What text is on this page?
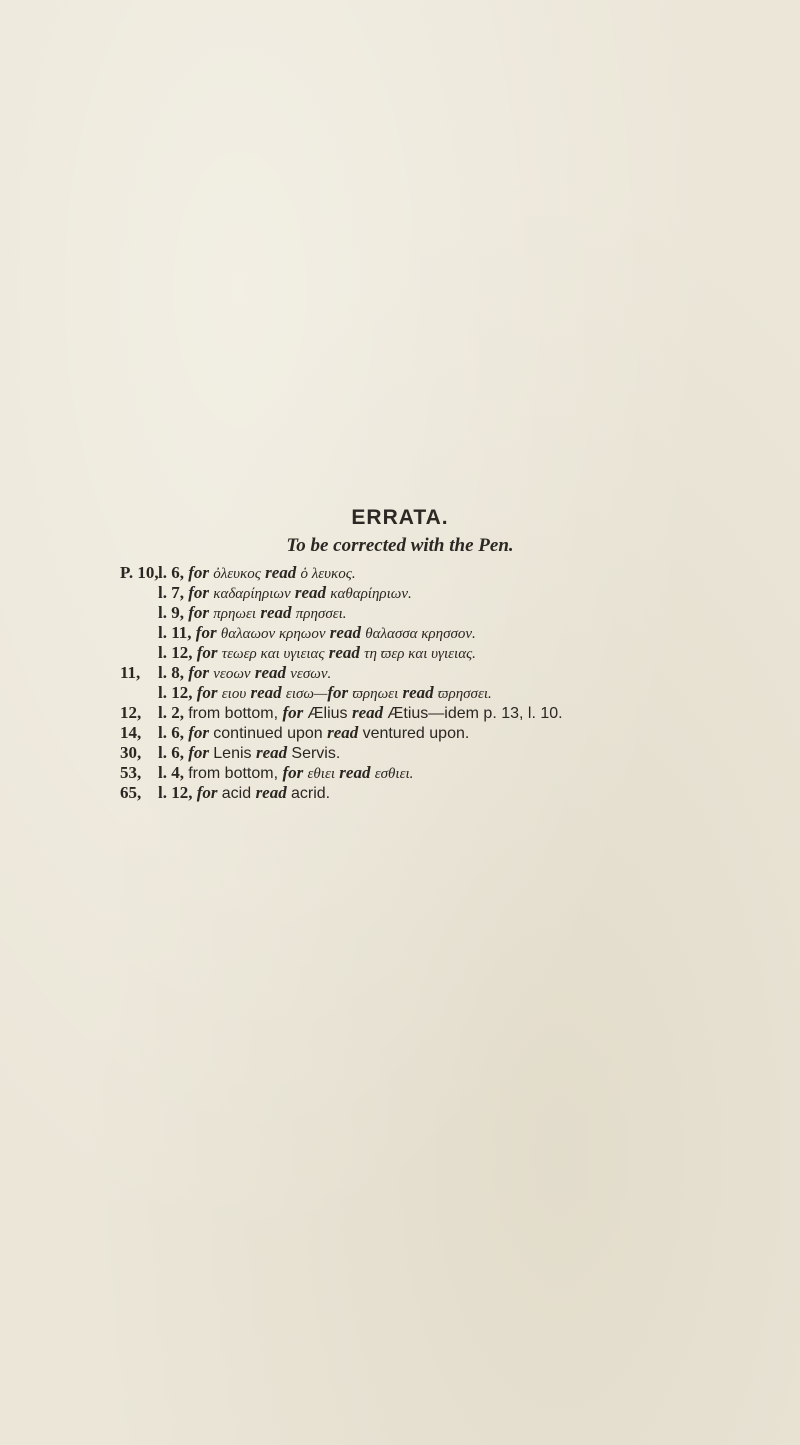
ERRATA.
To be corrected with the Pen.
P. 10, l. 6, for ὀλευκος read ὁ λευκος.
l. 7, for καδαρίηριων read καθαρίηριων.
l. 9, for πρηωει read πρησσει.
l. 11, for θαλαωον κρηωον read θαλασσα κρησσον.
l. 12, for τεωερ και υγιειας read τη ϖερ και υγιειας.
11,	l. 8, for νεοων read νεσων.
l. 12, for ειου read εισω—for ϖρηωει read ϖρησσει.
12, l. 2, from bottom, for Ælius read Ætius—idem p. 13, l. 10.
14, l. 6, for continued upon read ventured upon.
30, l. 6, for Lenis read Servis.
53, l. 4, from bottom, for εθιει read εσθιει.
65, l. 12, for acid read acrid.
